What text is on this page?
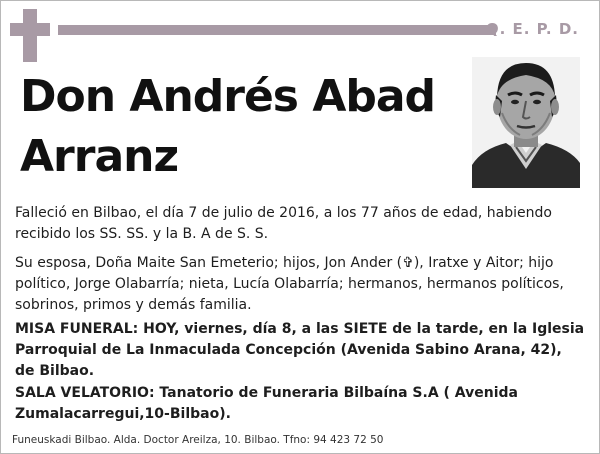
Q. E. P. D.
Don Andrés Abad
Arranz

Falleció en Bilbao, el día 7 de julio de 2016, a los 77 años de edad, habiendo recibido los SS. SS. y la B. A de S. S.

Su esposa, Doña Maite San Emeterio; hijos, Jon Ander (✞), Iratxe y Aitor; hijo político, Jorge Olabarría; nieta, Lucía Olabarría; hermanos, hermanos políticos, sobrinos, primos y demás familia.

MISA FUNERAL: HOY, viernes, día 8, a las SIETE de la tarde, en la Iglesia Parroquial de La Inmaculada Concepción (Avenida Sabino Arana, 42), de Bilbao.

SALA VELATORIO: Tanatorio de Funeraria Bilbaína S.A ( Avenida Zumalacarregui,10-Bilbao).

Funeuskadi Bilbao. Alda. Doctor Areilza, 10. Bilbao. Tfno: 94 423 72 50
